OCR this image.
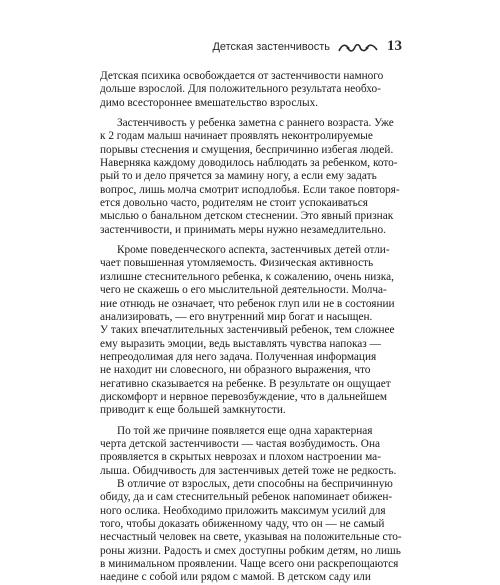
Детская застенчивость	13
Детская психика освобождается от застенчивости намного
дольше взрослой. Для положительного результата необхо-
димо всестороннее вмешательство взрослых.
Застенчивость у ребенка заметна с раннего возраста. Уже
к 2 годам малыш начинает проявлять неконтролируемые
порывы стеснения и смущения, беспричинно избегая людей.
Наверняка каждому доводилось наблюдать за ребенком, кото-
рый то и дело прячется за мамину ногу, а если ему задать
вопрос, лишь молча смотрит исподлобья. Если такое повторя-
ется довольно часто, родителям не стоит успокаиваться
мыслью о банальном детском стеснении. Это явный признак
застенчивости, и принимать меры нужно незамедлительно.
Кроме поведенческого аспекта, застенчивых детей отли-
чает повышенная утомляемость. Физическая активность
излишне стеснительного ребенка, к сожалению, очень низка,
чего не скажешь о его мыслительной деятельности. Молча-
ние отнюдь не означает, что ребенок глуп или не в состоянии
анализировать, — его внутренний мир богат и насыщен.
У таких впечатлительных застенчивый ребенок, тем сложнее
ему выразить эмоции, ведь выставлять чувства напоказ —
непреодолимая для него задача. Полученная информация
не находит ни словесного, ни образного выражения, что
негативно сказывается на ребенке. В результате он ощущает
дискомфорт и нервное перевозбуждение, что в дальнейшем
приводит к еще большей замкнутости.
По той же причине появляется еще одна характерная
черта детской застенчивости — частая возбудимость. Она
проявляется в скрытых неврозах и плохом настроении ма-
лыша. Обидчивость для застенчивых детей тоже не редкость.
В отличие от взрослых, дети способны на беспричинную
обиду, да и сам стеснительный ребенок напоминает обижен-
ного ослика. Необходимо приложить максимум усилий для
того, чтобы доказать обиженному чаду, что он — не самый
несчастный человек на свете, указывая на положительные сто-
роны жизни. Радость и смех доступны робким детям, но лишь
в минимальном проявлении. Чаще всего они раскрепощаются
наедине с собой или рядом с мамой. В детском саду или
